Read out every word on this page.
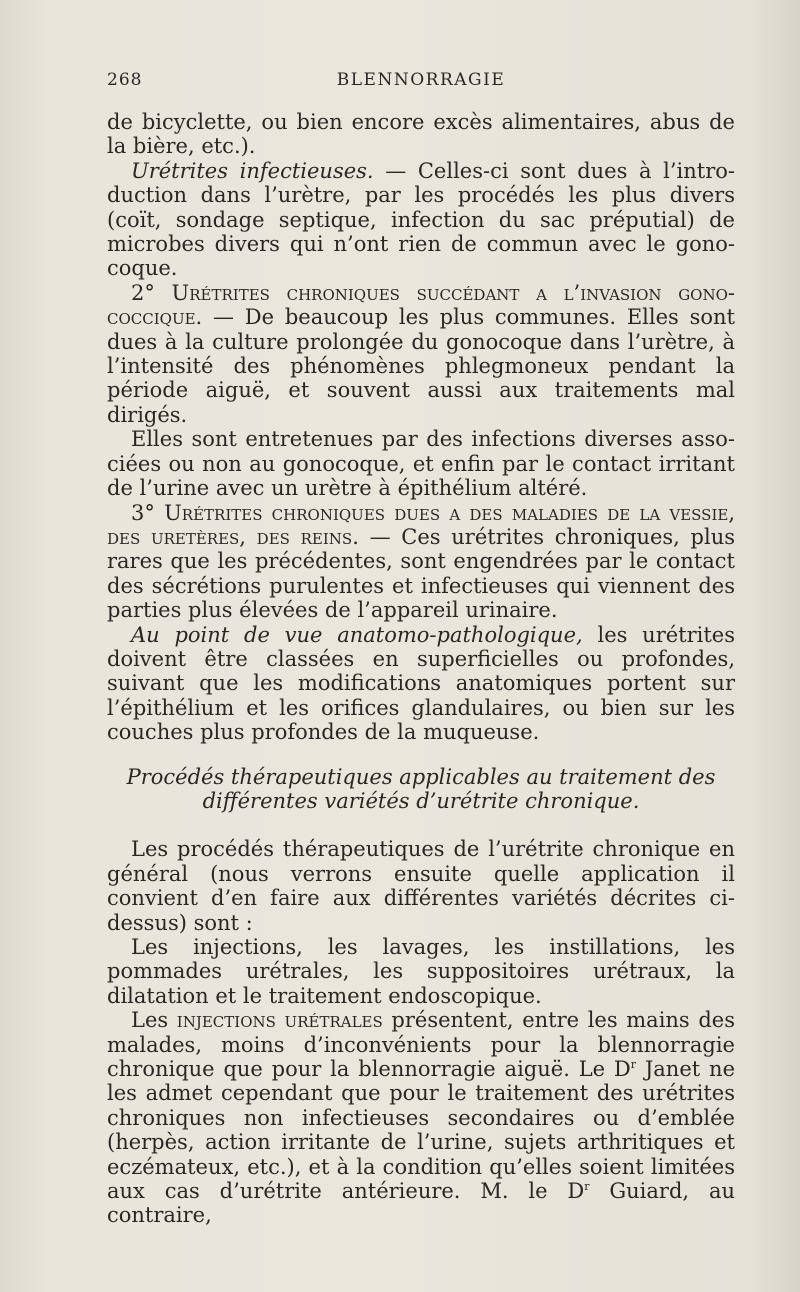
268	BLENNORRAGIE

de bicyclette, ou bien encore excès alimentaires, abus de la bière, etc.).

Urétrites infectieuses. — Celles-ci sont dues à l’intro-duction dans l’urètre, par les procédés les plus divers (coït, sondage septique, infection du sac préputial) de microbes divers qui n’ont rien de commun avec le gono-coque.

2° Urétrites chroniques succédant a l’invasion gono-coccique. — De beaucoup les plus communes. Elles sont dues à la culture prolongée du gonocoque dans l’urètre, à l’intensité des phénomènes phlegmoneux pendant la période aiguë, et souvent aussi aux traitements mal dirigés.

Elles sont entretenues par des infections diverses asso-ciées ou non au gonocoque, et enfin par le contact irritant de l’urine avec un urètre à épithélium altéré.

3° Urétrites chroniques dues a des maladies de la vessie, des uretères, des reins. — Ces urétrites chroniques, plus rares que les précédentes, sont engendrées par le contact des sécrétions purulentes et infectieuses qui viennent des parties plus élevées de l’appareil urinaire.

Au point de vue anatomo-pathologique, les urétrites doivent être classées en superficielles ou profondes, suivant que les modifications anatomiques portent sur l’épithélium et les orifices glandulaires, ou bien sur les couches plus profondes de la muqueuse.

Procédés thérapeutiques applicables au traitement des
différentes variétés d’urétrite chronique.

Les procédés thérapeutiques de l’urétrite chronique en général (nous verrons ensuite quelle application il convient d’en faire aux différentes variétés décrites ci-dessus) sont :

Les injections, les lavages, les instillations, les pommades urétrales, les suppositoires urétraux, la dilatation et le traitement endoscopique.

Les injections urétrales présentent, entre les mains des malades, moins d’inconvénients pour la blennorragie chronique que pour la blennorragie aiguë. Le $D^r$ Janet ne les admet cependant que pour le traitement des urétrites chroniques non infectieuses secondaires ou d’emblée (herpès, action irritante de l’urine, sujets arthritiques et eczémateux, etc.), et à la condition qu’elles soient limitées aux cas d’urétrite antérieure. M. le $D^r$ Guiard, au contraire,
